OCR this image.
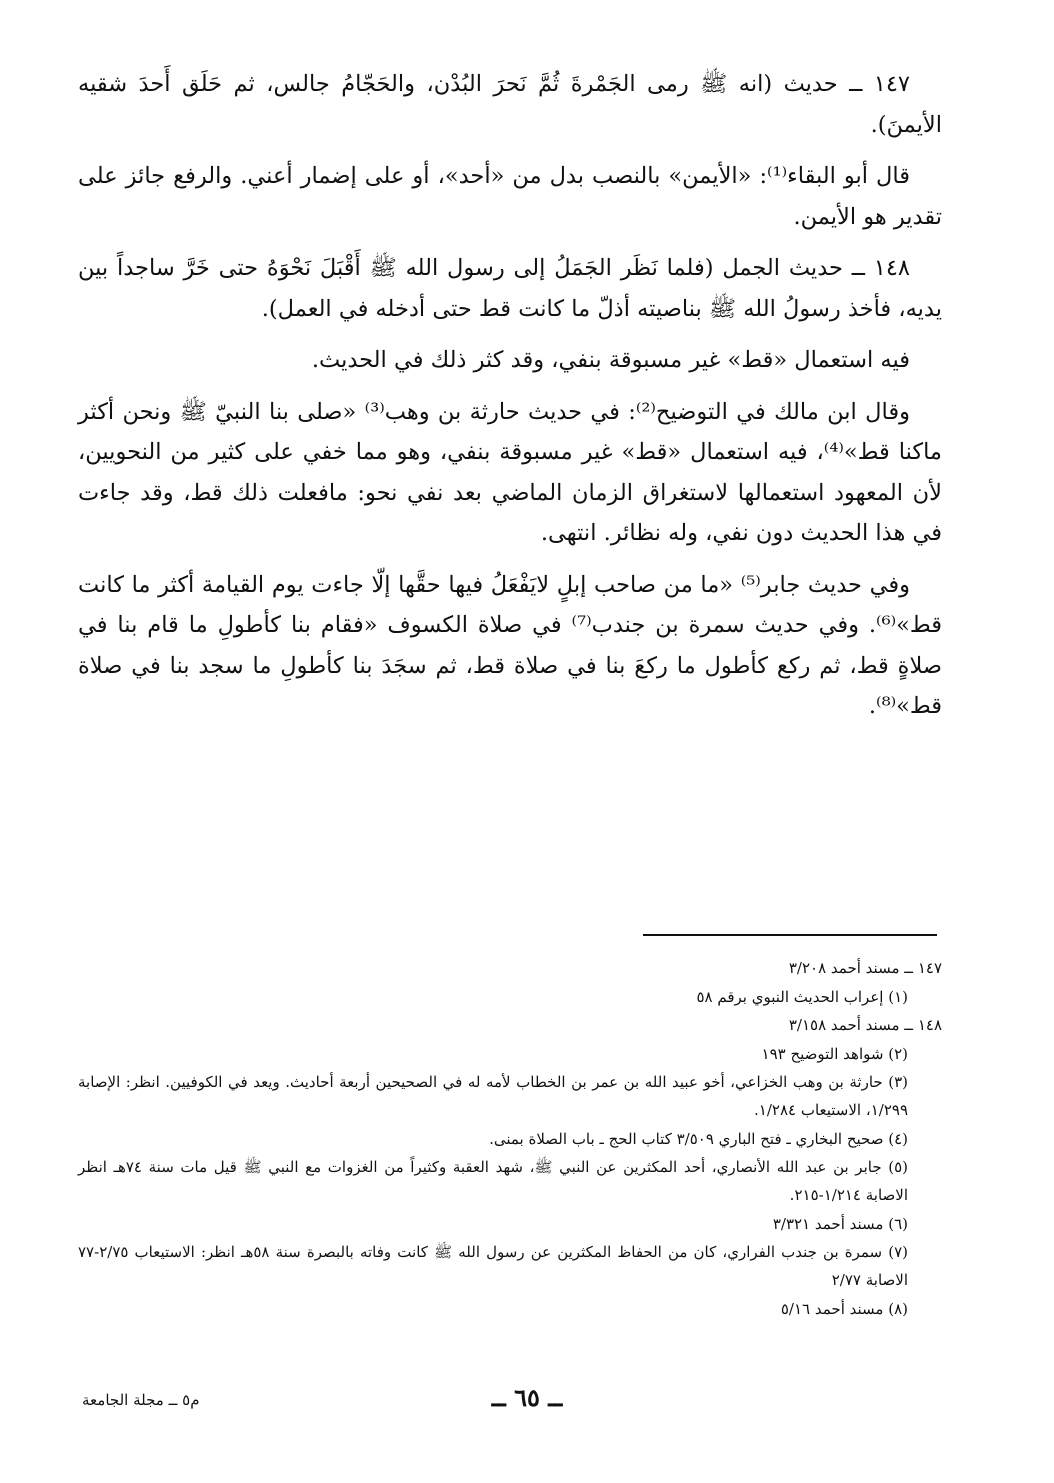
١٤٧ ــ حديث (انه ﷺ رمى الجَمْرةَ ثُمَّ نَحرَ البُدْن، والحَجّامُ جالس، ثم حَلَق أَحدَ شقيه الأيمنَ).

قال أبو البقاء⁽¹⁾: «الأيمن» بالنصب بدل من «أحد»، أو على إضمار أعني. والرفع جائز على تقدير هو الأيمن.

١٤٨ ــ حديث الجمل (فلما نَظَر الجَمَلُ إلى رسول الله ﷺ أَقْبَلَ نَحْوَهُ حتى خَرَّ ساجداً بين يديه، فأخذ رسولُ الله ﷺ بناصيته أذلّ ما كانت قط حتى أدخله في العمل).

فيه استعمال «قط» غير مسبوقة بنفي، وقد كثر ذلك في الحديث.

وقال ابن مالك في التوضيح⁽²⁾: في حديث حارثة بن وهب⁽³⁾ «صلى بنا النبيّ ﷺ ونحن أكثر ماكنا قط»⁽⁴⁾، فيه استعمال «قط» غير مسبوقة بنفي، وهو مما خفي على كثير من النحويين، لأن المعهود استعمالها لاستغراق الزمان الماضي بعد نفي نحو: مافعلت ذلك قط، وقد جاءت في هذا الحديث دون نفي، وله نظائر. انتهى.

وفي حديث جابر⁽⁵⁾ «ما من صاحب إبلٍ لايَفْعَلُ فيها حقَّها إلّا جاءت يوم القيامة أكثر ما كانت قط»⁽⁶⁾. وفي حديث سمرة بن جندب⁽⁷⁾ في صلاة الكسوف «فقام بنا كأطولِ ما قام بنا في صلاةٍ قط، ثم ركع كأطول ما ركعَ بنا في صلاة قط، ثم سجَدَ بنا كأطولِ ما سجد بنا في صلاة قط»⁽⁸⁾.

١٤٧ ــ مسند أحمد ٣/٢٠٨

(١) إعراب الحديث النبوي برقم ٥٨

١٤٨ ــ مسند أحمد ٣/١٥٨

(٢) شواهد التوضيح ١٩٣

(٣) حارثة بن وهب الخزاعي، أخو عبيد الله بن عمر بن الخطاب لأمه له في الصحيحين أربعة أحاديث. ويعد في الكوفيين. انظر: الإصابة ١/٢٩٩، الاستيعاب ١/٢٨٤.

(٤) صحيح البخاري ـ فتح الباري ٣/٥٠٩ كتاب الحج ـ باب الصلاة بمنى.

(٥) جابر بن عبد الله الأنصاري، أحد المكثرين عن النبي ﷺ، شهد العقبة وكثيراً من الغزوات مع النبي ﷺ قيل مات سنة ٧٤هـ انظر الاصابة ١/٢١٤-٢١٥.

(٦) مسند أحمد ٣/٣٢١

(٧) سمرة بن جندب الفراري، كان من الحفاظ المكثرين عن رسول الله ﷺ كانت وفاته بالبصرة سنة ٥٨هـ انظر: الاستيعاب ٢/٧٥-٧٧ الاصابة ٢/٧٧

(٨) مسند أحمد ٥/١٦

ــ ٦٥ ــ
م٥ ــ مجلة الجامعة
